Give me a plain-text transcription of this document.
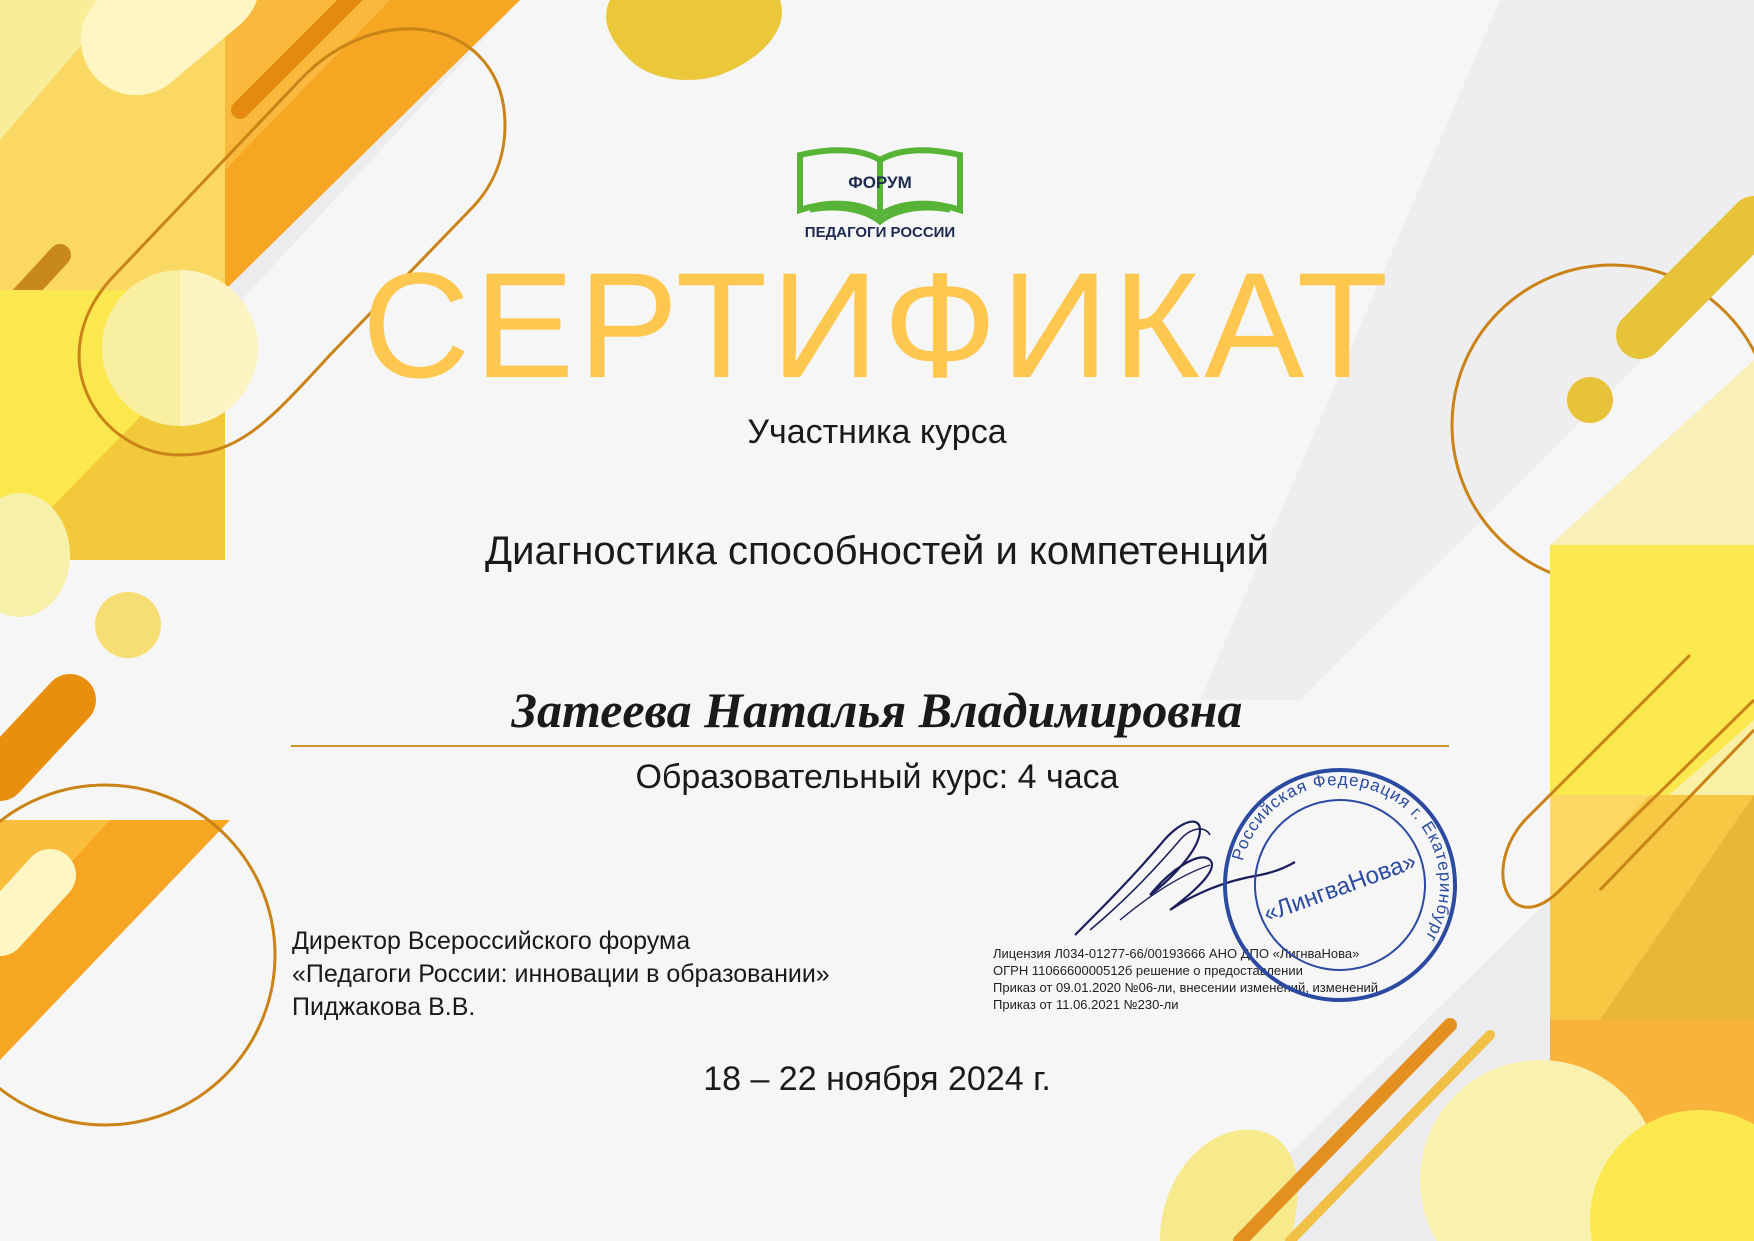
ФОРУМ
ПЕДАГОГИ РОССИИ
СЕРТИФИКАТ
Участника курса
Диагностика способностей и компетенций
Затеева Наталья Владимировна
Образовательный курс: 4 часа
Директор Всероссийского форума
«Педагоги России: инновации в образовании»
Пиджакова В.В.
Лицензия Л034-01277-66/00193666 АНО ДПО «ЛигнваНова»
ОГРН 1106660000512б решение о предоставлении
Приказ от 09.01.2020 №06-ли, внесении изменений, изменений
Приказ от 11.06.2021 №230-ли
Российская Федерация г. Екатеринбург
«ЛингваНова»
18 – 22 ноября 2024 г.
